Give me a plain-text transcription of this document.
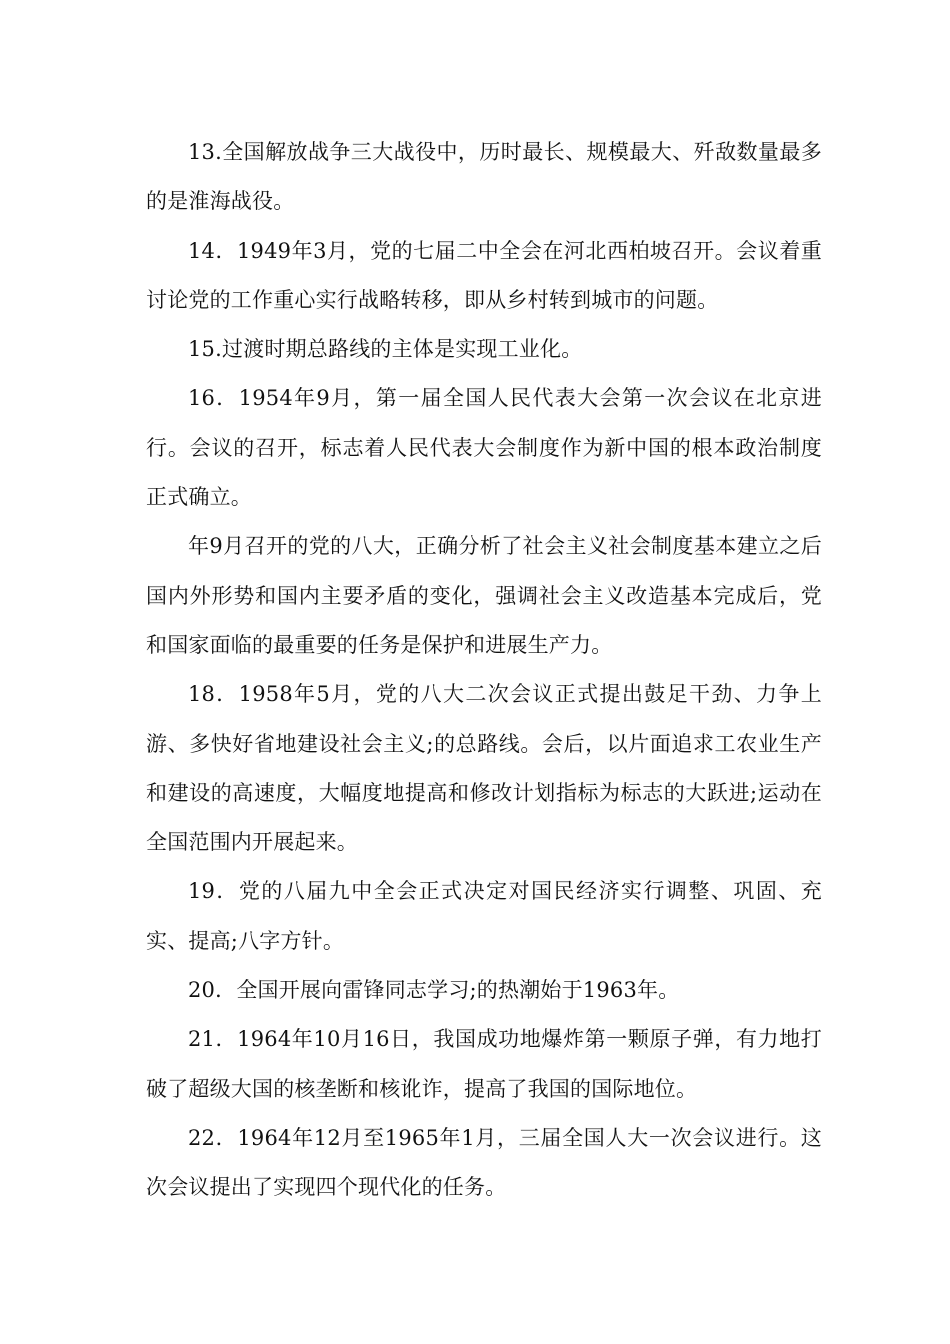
13.全国解放战争三大战役中，历时最长、规模最大、歼敌数量最多的是淮海战役。

14．1949年3月，党的七届二中全会在河北西柏坡召开。会议着重讨论党的工作重心实行战略转移，即从乡村转到城市的问题。

15.过渡时期总路线的主体是实现工业化。

16．1954年9月，第一届全国人民代表大会第一次会议在北京进行。会议的召开，标志着人民代表大会制度作为新中国的根本政治制度正式确立。

年9月召开的党的八大，正确分析了社会主义社会制度基本建立之后国内外形势和国内主要矛盾的变化，强调社会主义改造基本完成后，党和国家面临的最重要的任务是保护和进展生产力。

18．1958年5月，党的八大二次会议正式提出鼓足干劲、力争上游、多快好省地建设社会主义;的总路线。会后，以片面追求工农业生产和建设的高速度，大幅度地提高和修改计划指标为标志的大跃进;运动在全国范围内开展起来。

19．党的八届九中全会正式决定对国民经济实行调整、巩固、充实、提高;八字方针。

20．全国开展向雷锋同志学习;的热潮始于1963年。

21．1964年10月16日，我国成功地爆炸第一颗原子弹，有力地打破了超级大国的核垄断和核讹诈，提高了我国的国际地位。

22．1964年12月至1965年1月，三届全国人大一次会议进行。这次会议提出了实现四个现代化的任务。
